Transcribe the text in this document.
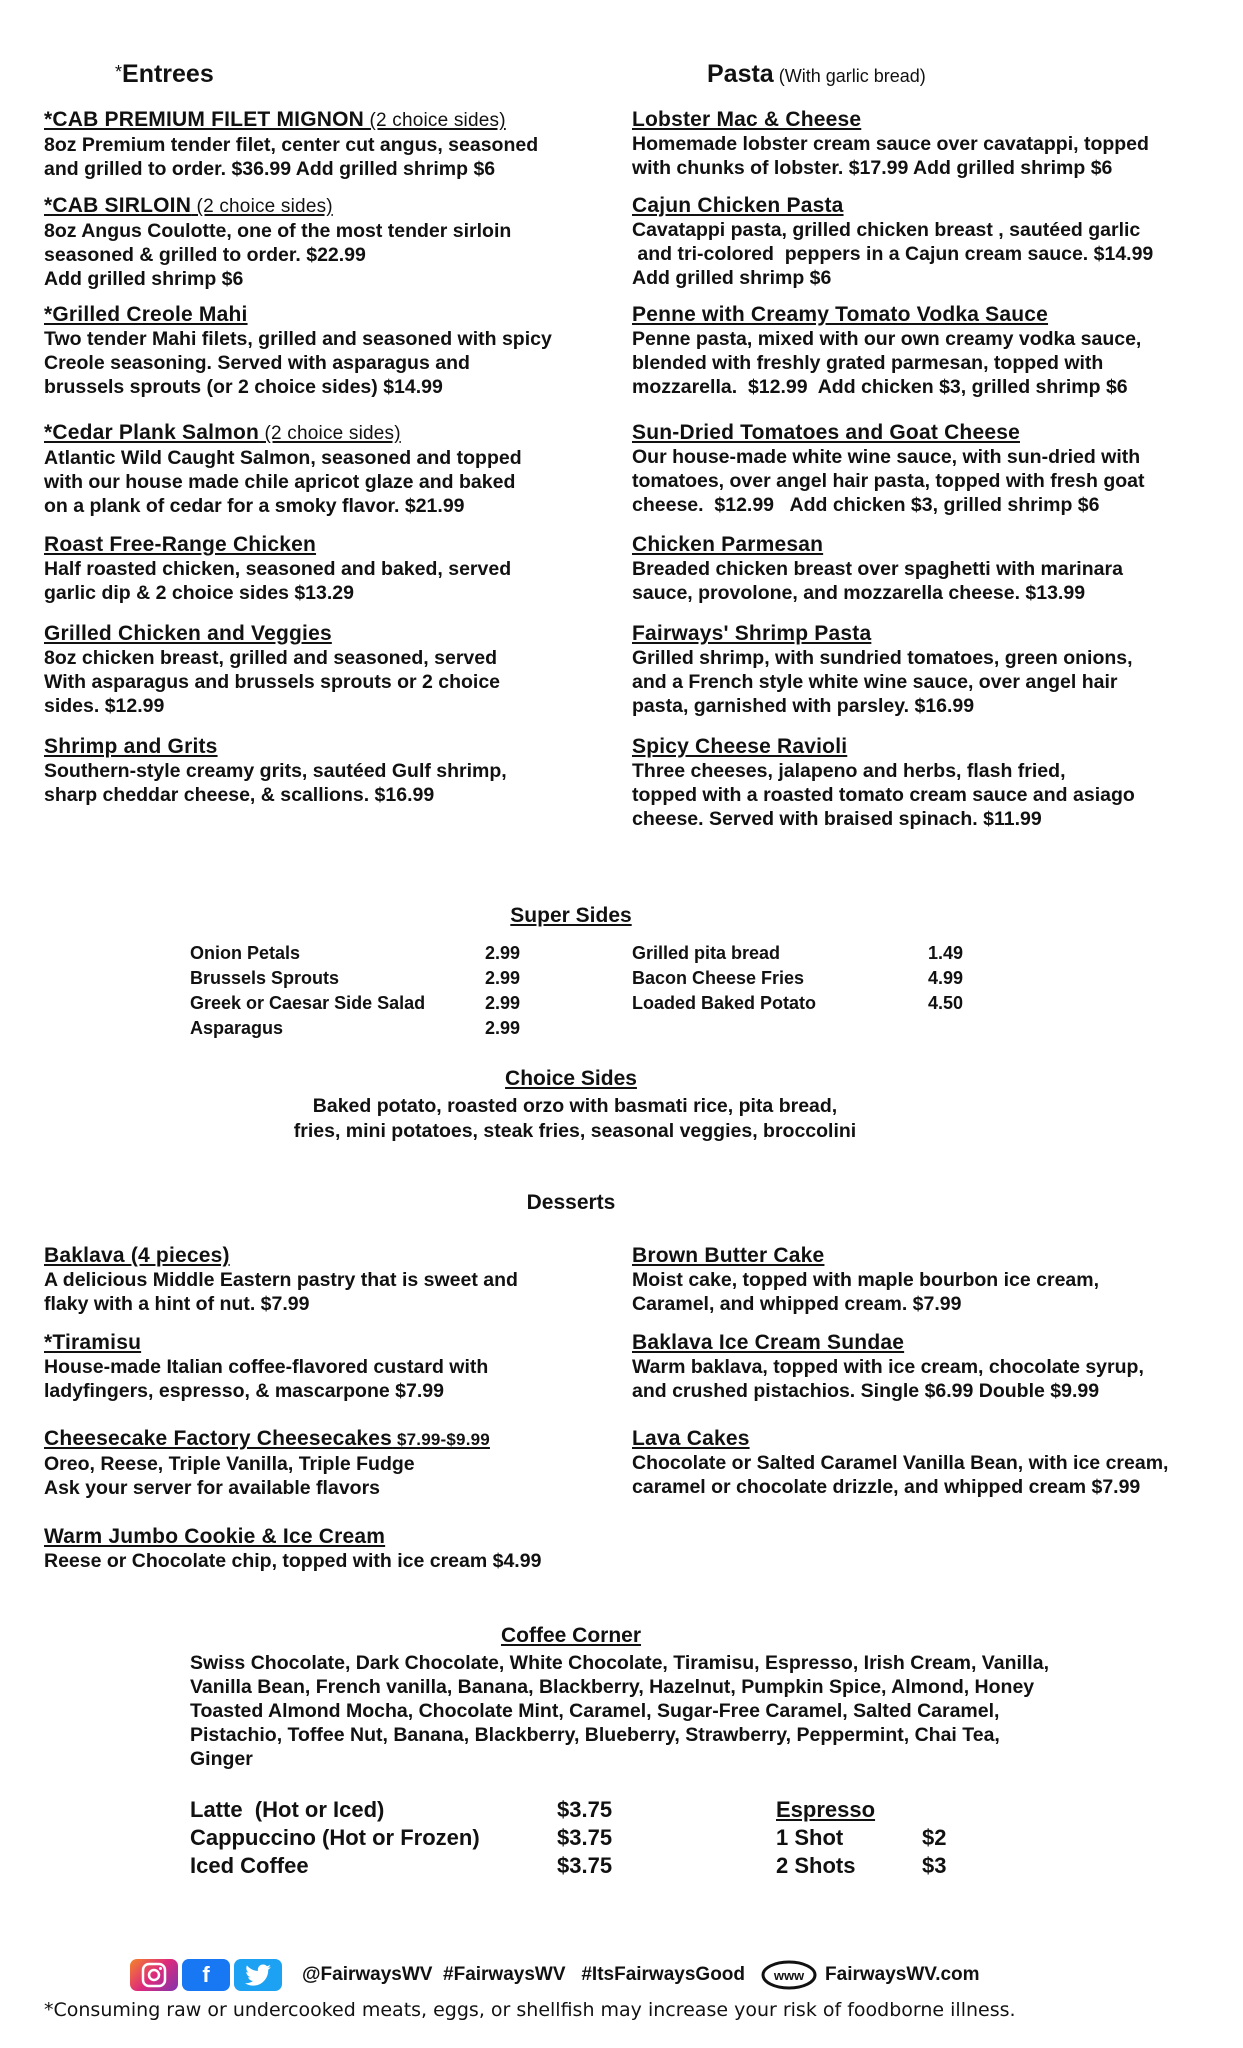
*Entrees
*CAB PREMIUM FILET MIGNON (2 choice sides)
8oz Premium tender filet, center cut angus, seasoned
and grilled to order. $36.99 Add grilled shrimp $6
*CAB SIRLOIN (2 choice sides)
8oz Angus Coulotte, one of the most tender sirloin
seasoned & grilled to order. $22.99
Add grilled shrimp $6
*Grilled Creole Mahi
Two tender Mahi filets, grilled and seasoned with spicy
Creole seasoning. Served with asparagus and
brussels sprouts (or 2 choice sides) $14.99
*Cedar Plank Salmon (2 choice sides)
Atlantic Wild Caught Salmon, seasoned and topped
with our house made chile apricot glaze and baked
on a plank of cedar for a smoky flavor. $21.99
Roast Free-Range Chicken
Half roasted chicken, seasoned and baked, served
garlic dip & 2 choice sides $13.29
Grilled Chicken and Veggies
8oz chicken breast, grilled and seasoned, served
With asparagus and brussels sprouts or 2 choice
sides. $12.99
Shrimp and Grits
Southern-style creamy grits, sautéed Gulf shrimp,
sharp cheddar cheese, & scallions. $16.99
Pasta (With garlic bread)
Lobster Mac & Cheese
Homemade lobster cream sauce over cavatappi, topped
with chunks of lobster. $17.99 Add grilled shrimp $6
Cajun Chicken Pasta
Cavatappi pasta, grilled chicken breast , sautéed garlic
and tri-colored  peppers in a Cajun cream sauce. $14.99
Add grilled shrimp $6
Penne with Creamy Tomato Vodka Sauce
Penne pasta, mixed with our own creamy vodka sauce,
blended with freshly grated parmesan, topped with
mozzarella.  $12.99  Add chicken $3, grilled shrimp $6
Sun-Dried Tomatoes and Goat Cheese
Our house-made white wine sauce, with sun-dried with
tomatoes, over angel hair pasta, topped with fresh goat
cheese.  $12.99   Add chicken $3, grilled shrimp $6
Chicken Parmesan
Breaded chicken breast over spaghetti with marinara
sauce, provolone, and mozzarella cheese. $13.99
Fairways' Shrimp Pasta
Grilled shrimp, with sundried tomatoes, green onions,
and a French style white wine sauce, over angel hair
pasta, garnished with parsley. $16.99
Spicy Cheese Ravioli
Three cheeses, jalapeno and herbs, flash fried,
topped with a roasted tomato cream sauce and asiago
cheese. Served with braised spinach. $11.99
Super Sides
Onion Petals	2.99
Brussels Sprouts	2.99
Greek or Caesar Side Salad	2.99
Asparagus	2.99
Grilled pita bread	1.49
Bacon Cheese Fries	4.99
Loaded Baked Potato	4.50
Choice Sides
Baked potato, roasted orzo with basmati rice, pita bread,
fries, mini potatoes, steak fries, seasonal veggies, broccolini
Desserts
Baklava (4 pieces)
A delicious Middle Eastern pastry that is sweet and
flaky with a hint of nut. $7.99
*Tiramisu
House-made Italian coffee-flavored custard with
ladyfingers, espresso, & mascarpone $7.99
Cheesecake Factory Cheesecakes $7.99-$9.99
Oreo, Reese, Triple Vanilla, Triple Fudge
Ask your server for available flavors
Warm Jumbo Cookie & Ice Cream
Reese or Chocolate chip, topped with ice cream $4.99
Brown Butter Cake
Moist cake, topped with maple bourbon ice cream,
Caramel, and whipped cream. $7.99
Baklava Ice Cream Sundae
Warm baklava, topped with ice cream, chocolate syrup,
and crushed pistachios. Single $6.99 Double $9.99
Lava Cakes
Chocolate or Salted Caramel Vanilla Bean, with ice cream,
caramel or chocolate drizzle, and whipped cream $7.99
Coffee Corner
Swiss Chocolate, Dark Chocolate, White Chocolate, Tiramisu, Espresso, Irish Cream, Vanilla,
Vanilla Bean, French vanilla, Banana, Blackberry, Hazelnut, Pumpkin Spice, Almond, Honey
Toasted Almond Mocha, Chocolate Mint, Caramel, Sugar-Free Caramel, Salted Caramel,
Pistachio, Toffee Nut, Banana, Blackberry, Blueberry, Strawberry, Peppermint, Chai Tea,
Ginger
Latte  (Hot or Iced)	$3.75
Cappuccino (Hot or Frozen)	$3.75
Iced Coffee	$3.75
Espresso
1 Shot	$2
2 Shots	$3
f	@FairwaysWV  #FairwaysWV   #ItsFairwaysGood www FairwaysWV.com
*Consuming raw or undercooked meats, eggs, or shellfish may increase your risk of foodborne illness.
